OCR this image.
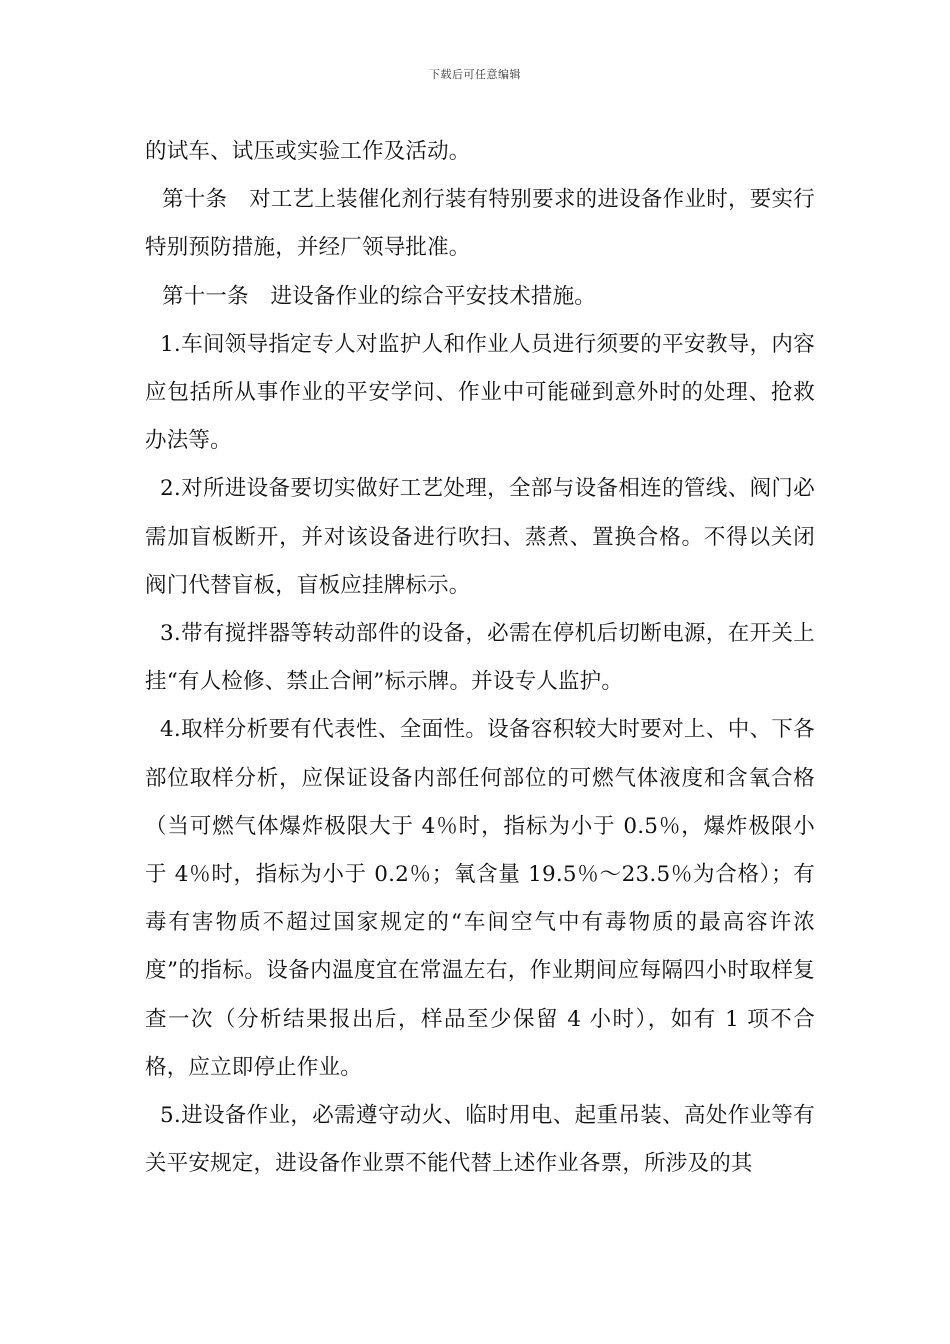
下载后可任意编辑

的试车、试压或实验工作及活动。

第十条　对工艺上装催化剂行装有特别要求的进设备作业时，要实行特别预防措施，并经厂领导批准。

第十一条　进设备作业的综合平安技术措施。

1.车间领导指定专人对监护人和作业人员进行须要的平安教导，内容应包括所从事作业的平安学问、作业中可能碰到意外时的处理、抢救办法等。

2.对所进设备要切实做好工艺处理，全部与设备相连的管线、阀门必需加盲板断开，并对该设备进行吹扫、蒸煮、置换合格。不得以关闭阀门代替盲板，盲板应挂牌标示。

3.带有搅拌器等转动部件的设备，必需在停机后切断电源，在开关上挂“有人检修、禁止合闸”标示牌。并设专人监护。

4.取样分析要有代表性、全面性。设备容积较大时要对上、中、下各部位取样分析，应保证设备内部任何部位的可燃气体液度和含氧合格（当可燃气体爆炸极限大于 4％时，指标为小于 0.5％，爆炸极限小于 4％时，指标为小于 0.2％；氧含量 19.5％～23.5％为合格）；有毒有害物质不超过国家规定的“车间空气中有毒物质的最高容许浓度”的指标。设备内温度宜在常温左右，作业期间应每隔四小时取样复查一次（分析结果报出后，样品至少保留 4 小时），如有 1 项不合格，应立即停止作业。

5.进设备作业，必需遵守动火、临时用电、起重吊装、高处作业等有关平安规定，进设备作业票不能代替上述作业各票，所涉及的其
